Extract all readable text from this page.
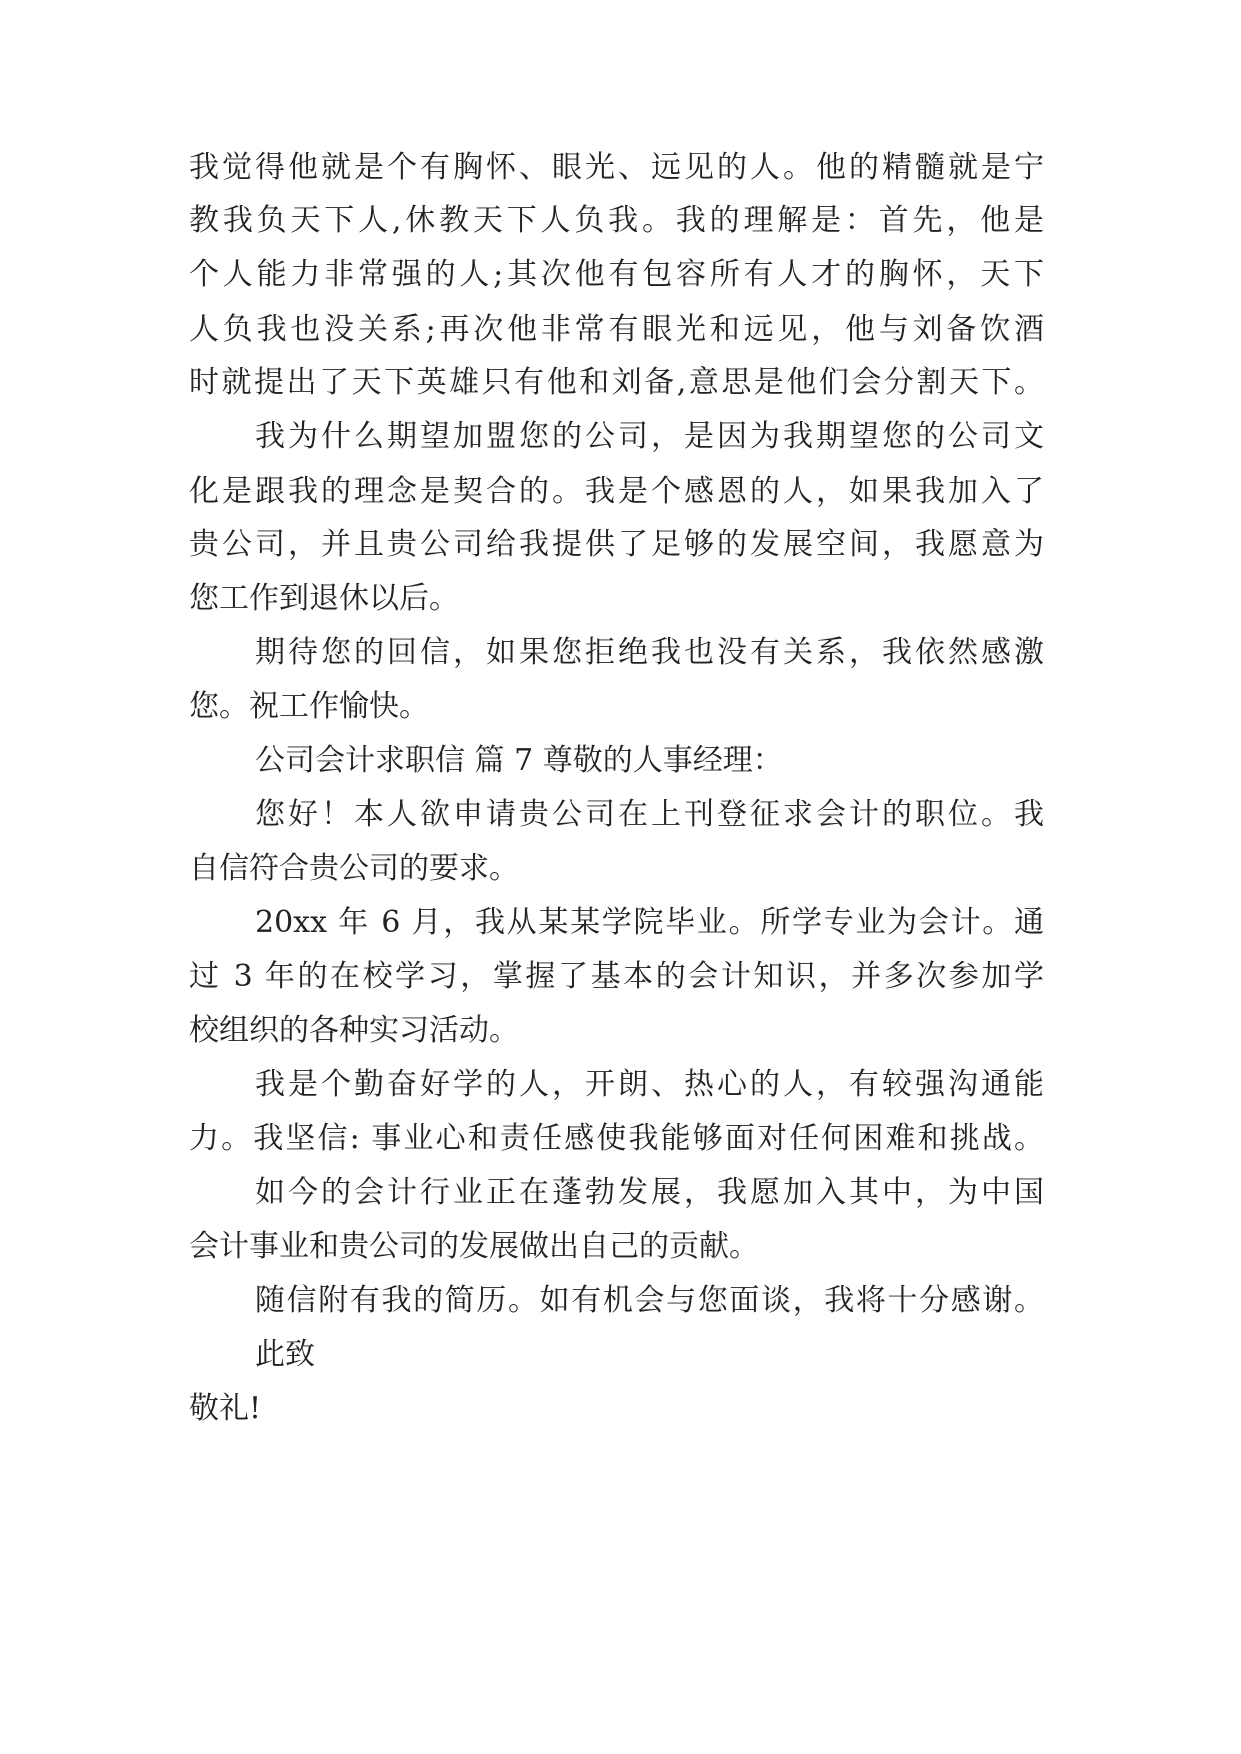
我觉得他就是个有胸怀、眼光、远见的人。他的精髓就是宁
教我负天下人,休教天下人负我。我的理解是：首先，他是
个人能力非常强的人;其次他有包容所有人才的胸怀，天下
人负我也没关系;再次他非常有眼光和远见，他与刘备饮酒
时就提出了天下英雄只有他和刘备,意思是他们会分割天下。
我为什么期望加盟您的公司，是因为我期望您的公司文
化是跟我的理念是契合的。我是个感恩的人，如果我加入了
贵公司，并且贵公司给我提供了足够的发展空间，我愿意为
您工作到退休以后。
期待您的回信，如果您拒绝我也没有关系，我依然感激
您。祝工作愉快。
公司会计求职信 篇 7 尊敬的人事经理：
您好！本人欲申请贵公司在上刊登征求会计的职位。我
自信符合贵公司的要求。
20xx 年 6 月，我从某某学院毕业。所学专业为会计。通
过 3 年的在校学习，掌握了基本的会计知识，并多次参加学
校组织的各种实习活动。
我是个勤奋好学的人，开朗、热心的人，有较强沟通能
力。我坚信: 事业心和责任感使我能够面对任何困难和挑战。
如今的会计行业正在蓬勃发展，我愿加入其中，为中国
会计事业和贵公司的发展做出自己的贡献。
随信附有我的简历。如有机会与您面谈，我将十分感谢。
此致
敬礼!
